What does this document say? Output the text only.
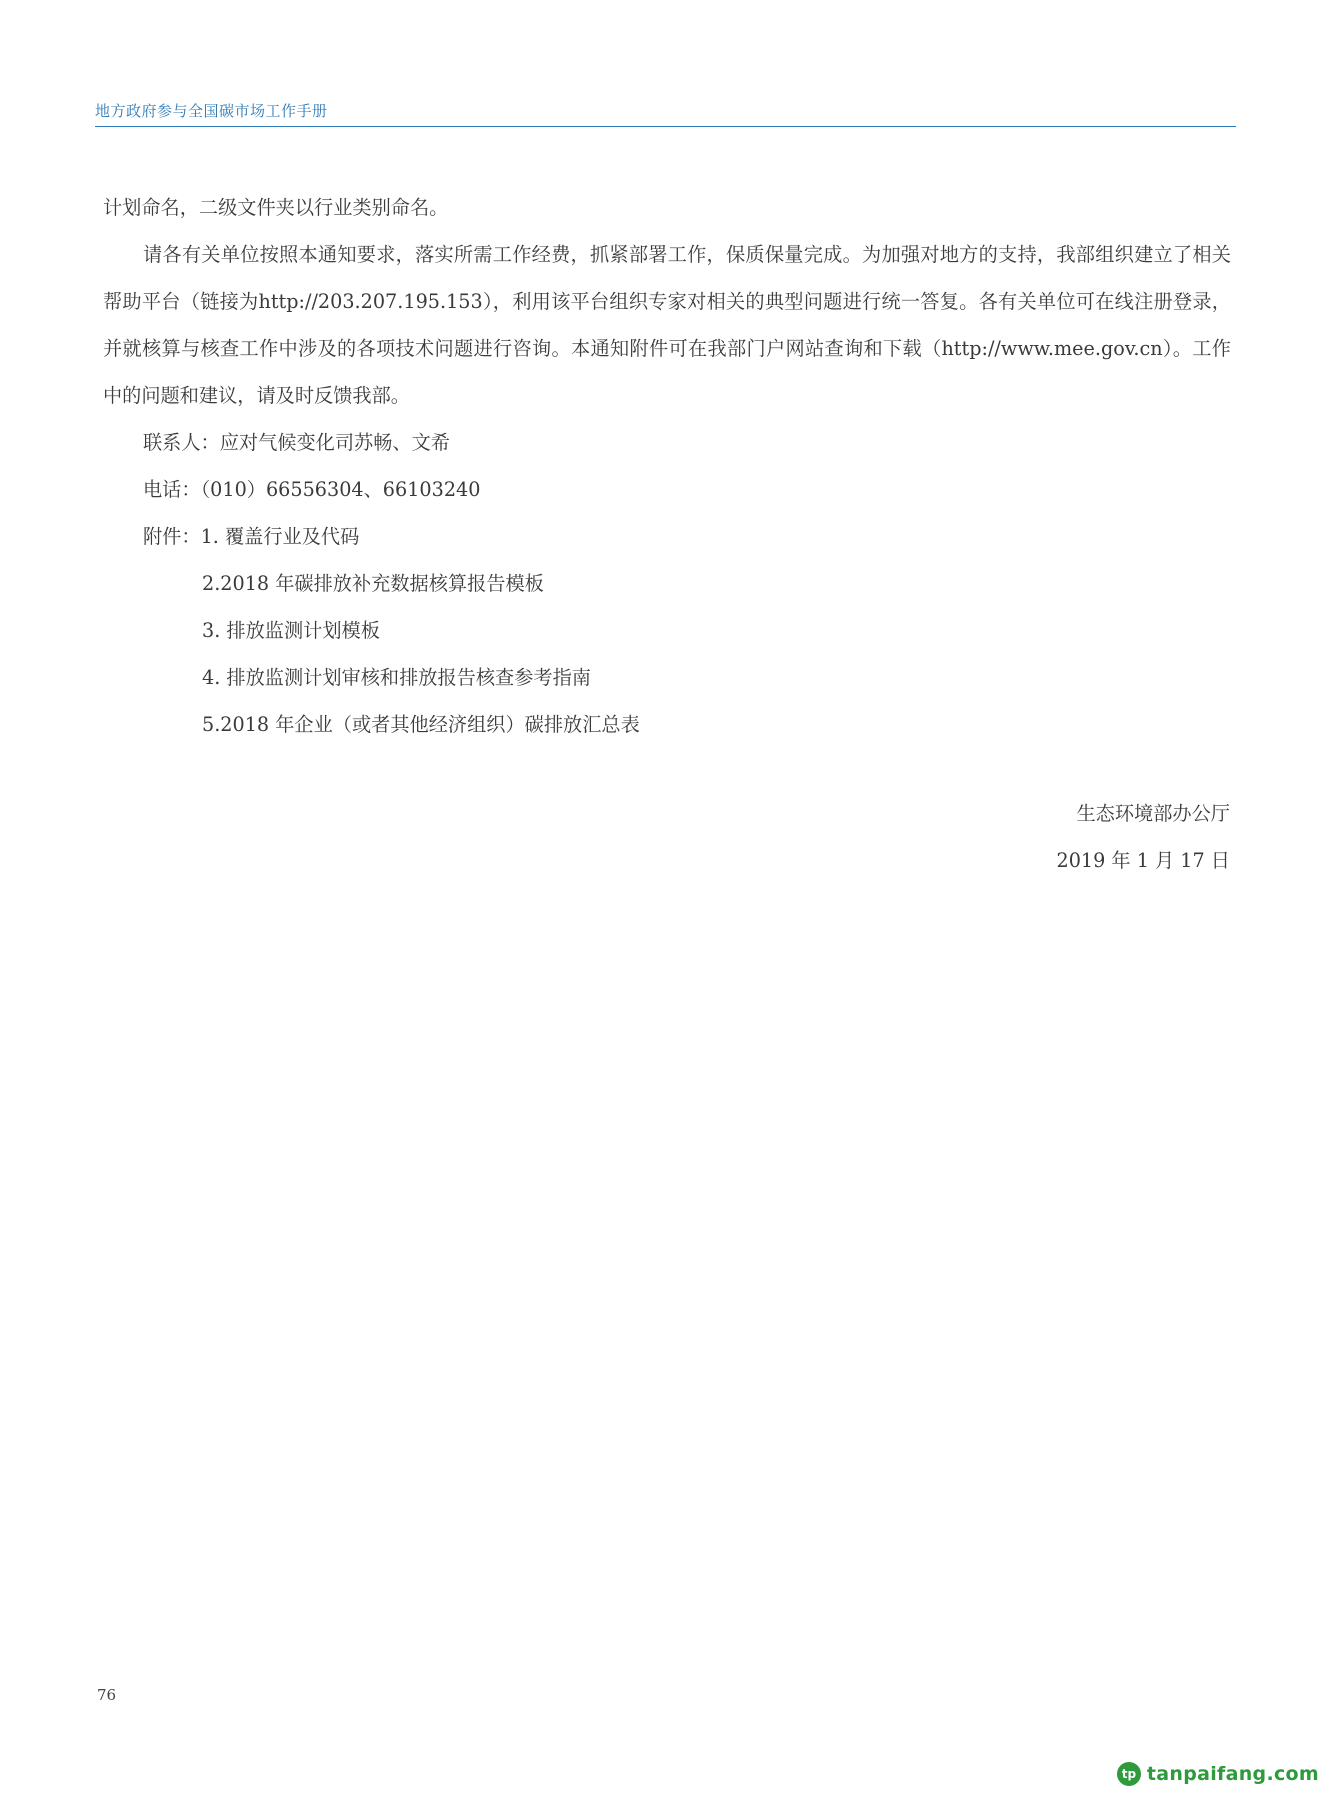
地方政府参与全国碳市场工作手册

计划命名，二级文件夹以行业类别命名。

请各有关单位按照本通知要求，落实所需工作经费，抓紧部署工作，保质保量完成。为加强对地方的支持，我部组织建立了相关帮助平台（链接为http://203.207.195.153），利用该平台组织专家对相关的典型问题进行统一答复。各有关单位可在线注册登录，并就核算与核查工作中涉及的各项技术问题进行咨询。本通知附件可在我部门户网站查询和下载（http://www.mee.gov.cn）。工作中的问题和建议，请及时反馈我部。

联系人：应对气候变化司苏畅、文希

电话：（010）66556304、66103240

附件：1. 覆盖行业及代码

2.2018 年碳排放补充数据核算报告模板

3. 排放监测计划模板

4. 排放监测计划审核和排放报告核查参考指南

5.2018 年企业（或者其他经济组织）碳排放汇总表

生态环境部办公厅
2019 年 1 月 17 日
76
tp tanpaifang.com
